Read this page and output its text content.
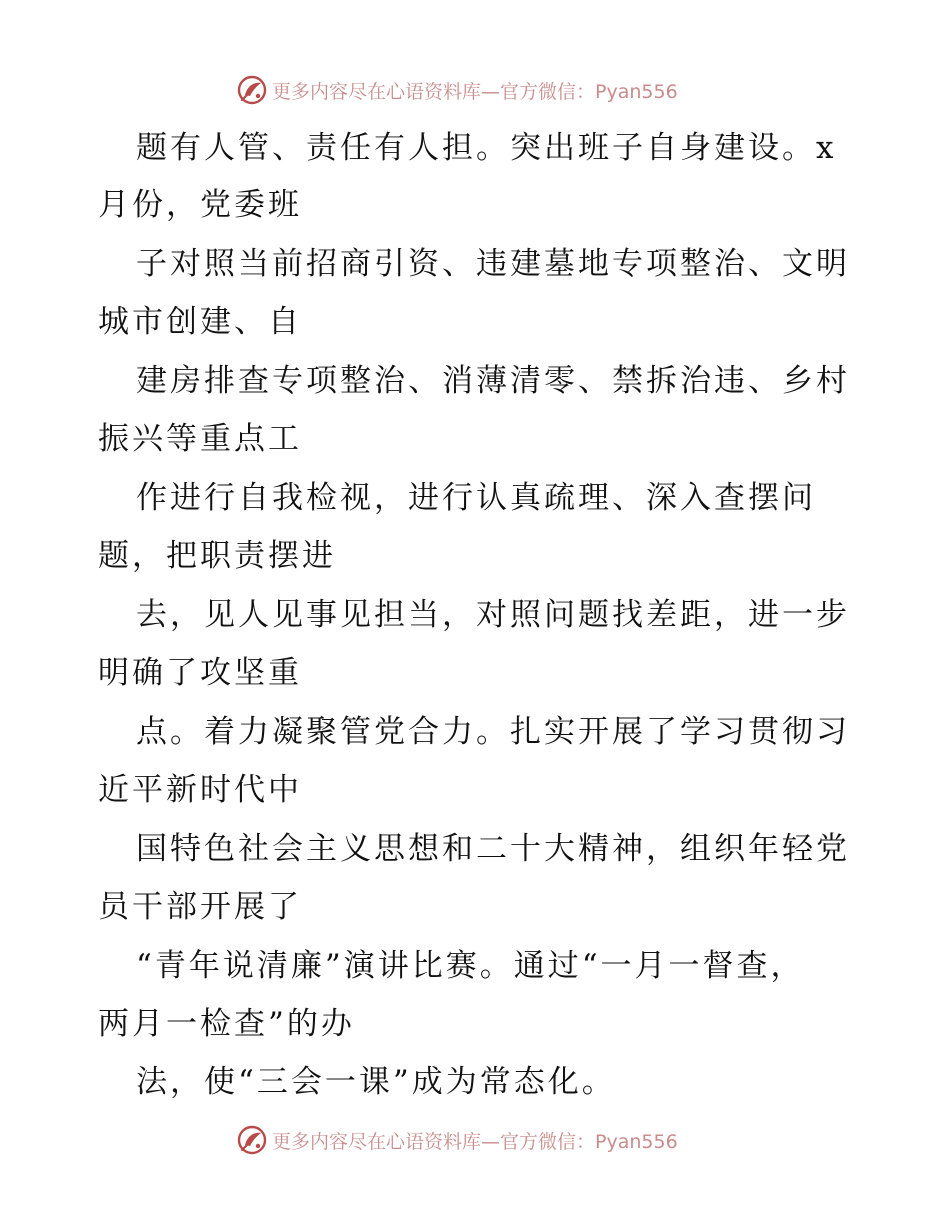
更多内容尽在心语资料库—官方微信：Pyan556
题有人管、责任有人担。突出班子自身建设。x
月份，党委班
子对照当前招商引资、违建墓地专项整治、文明
城市创建、自
建房排查专项整治、消薄清零、禁拆治违、乡村
振兴等重点工
作进行自我检视，进行认真疏理、深入查摆问
题，把职责摆进
去，见人见事见担当，对照问题找差距，进一步
明确了攻坚重
点。着力凝聚管党合力。扎实开展了学习贯彻习
近平新时代中
国特色社会主义思想和二十大精神，组织年轻党
员干部开展了
“青年说清廉”演讲比赛。通过“一月一督查，
两月一检查”的办
法，使“三会一课”成为常态化。
更多内容尽在心语资料库—官方微信：Pyan556
